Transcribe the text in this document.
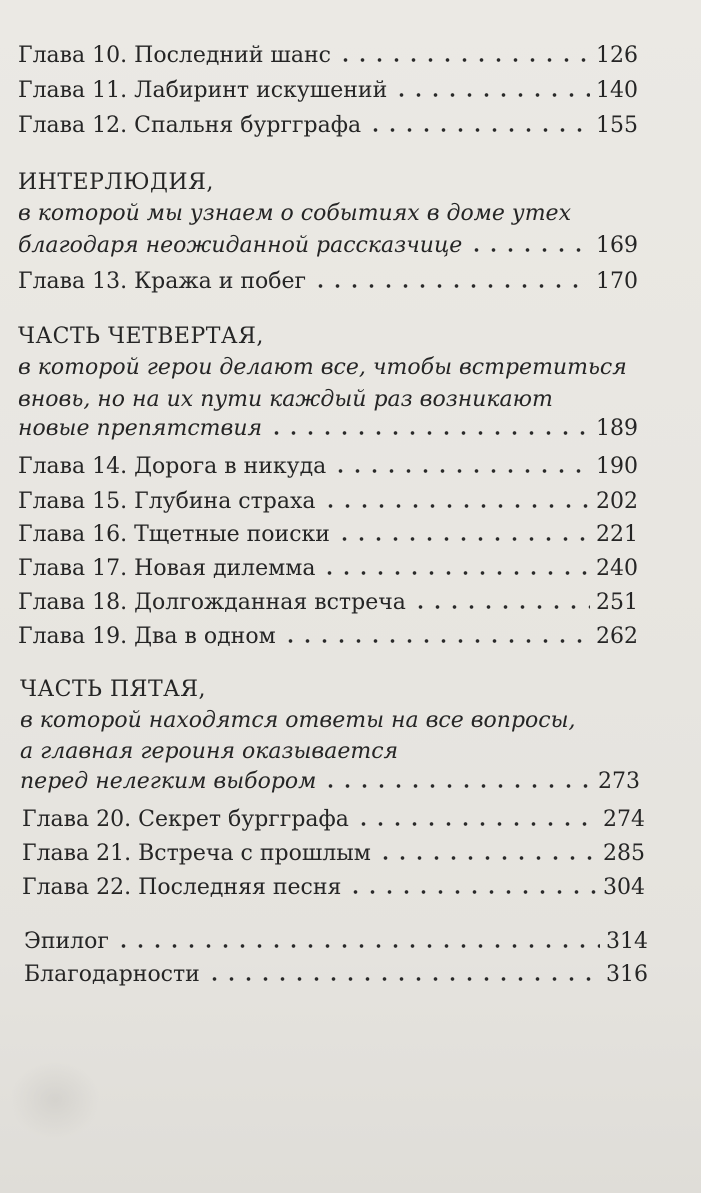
Глава 10. Последний шанс	126
Глава 11. Лабиринт искушений	140
Глава 12. Спальня бургграфа	155
ИНТЕРЛЮДИЯ,
в которой мы узнаем о событиях в доме утех
благодаря неожиданной рассказчице	169
Глава 13. Кража и побег	170
ЧАСТЬ ЧЕТВЕРТАЯ,
в которой герои делают все, чтобы встретиться
вновь, но на их пути каждый раз возникают
новые препятствия	189
Глава 14. Дорога в никуда	190
Глава 15. Глубина страха	202
Глава 16. Тщетные поиски	221
Глава 17. Новая дилемма	240
Глава 18. Долгожданная встреча	251
Глава 19. Два в одном	262
ЧАСТЬ ПЯТАЯ,
в которой находятся ответы на все вопросы,
а главная героиня оказывается
перед нелегким выбором	273
Глава 20. Секрет бургграфа	274
Глава 21. Встреча с прошлым	285
Глава 22. Последняя песня	304
Эпилог	314
Благодарности	316
